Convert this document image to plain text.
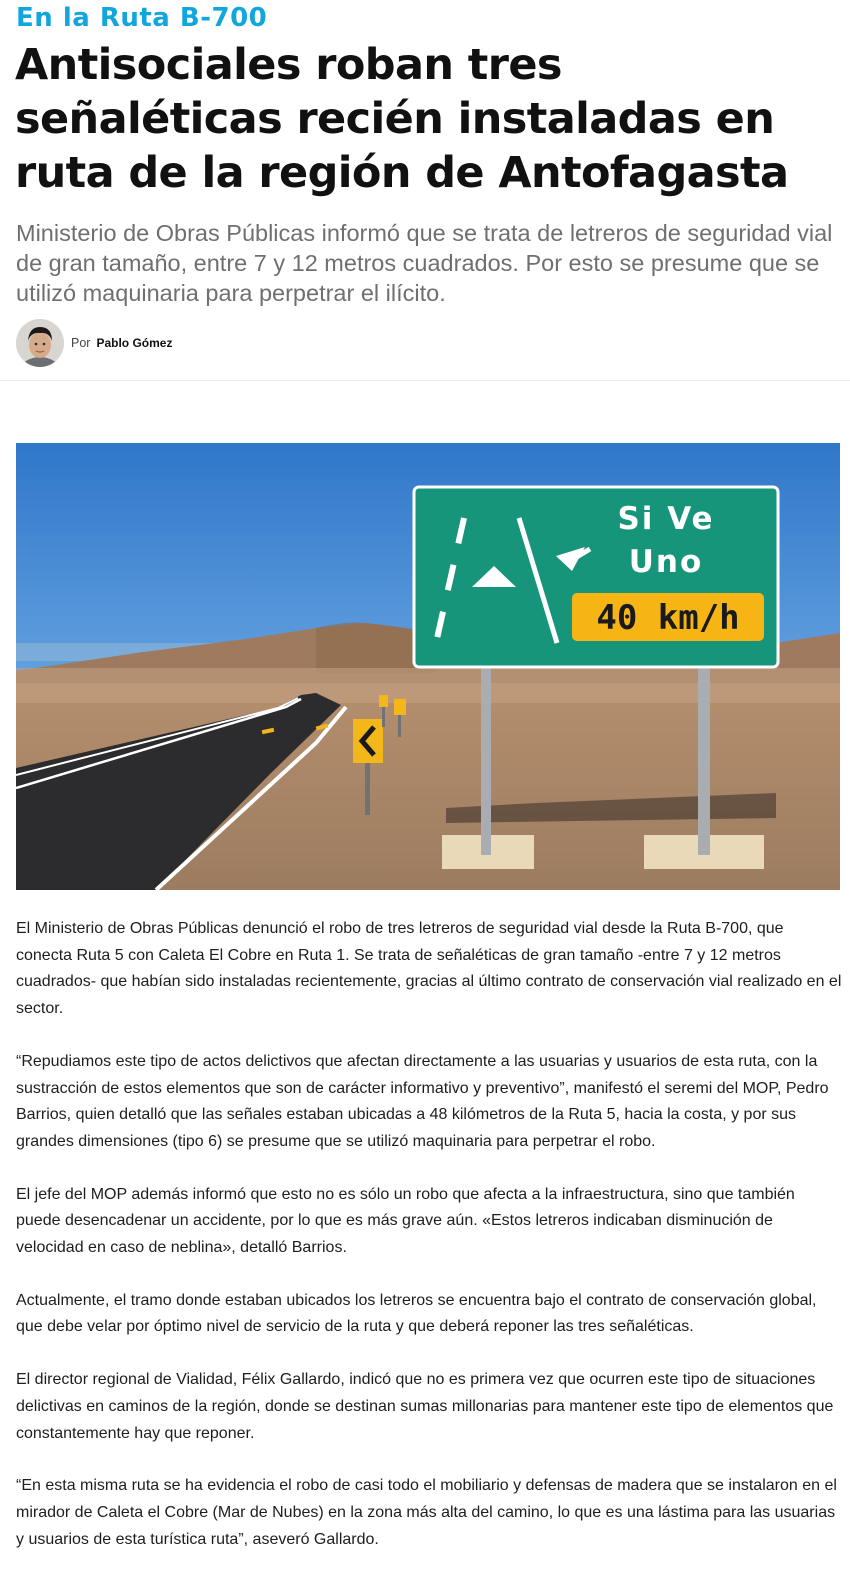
En la Ruta B-700
Antisociales roban tres señaléticas recién instaladas en ruta de la región de Antofagasta

Ministerio de Obras Públicas informó que se trata de letreros de seguridad vial de gran tamaño, entre 7 y 12 metros cuadrados. Por esto se presume que se utilizó maquinaria para perpetrar el ilícito.

Por Pablo Gómez
Si Ve
Uno
40 km/h

El Ministerio de Obras Públicas denunció el robo de tres letreros de seguridad vial desde la Ruta B-700, que conecta Ruta 5 con Caleta El Cobre en Ruta 1. Se trata de señaléticas de gran tamaño -entre 7 y 12 metros cuadrados- que habían sido instaladas recientemente, gracias al último contrato de conservación vial realizado en el sector.

“Repudiamos este tipo de actos delictivos que afectan directamente a las usuarias y usuarios de esta ruta, con la sustracción de estos elementos que son de carácter informativo y preventivo”, manifestó el seremi del MOP, Pedro Barrios, quien detalló que las señales estaban ubicadas a 48 kilómetros de la Ruta 5, hacia la costa, y por sus grandes dimensiones (tipo 6) se presume que se utilizó maquinaria para perpetrar el robo.

El jefe del MOP además informó que esto no es sólo un robo que afecta a la infraestructura, sino que también puede desencadenar un accidente, por lo que es más grave aún. «Estos letreros indicaban disminución de velocidad en caso de neblina», detalló Barrios.

Actualmente, el tramo donde estaban ubicados los letreros se encuentra bajo el contrato de conservación global, que debe velar por óptimo nivel de servicio de la ruta y que deberá reponer las tres señaléticas.

El director regional de Vialidad, Félix Gallardo, indicó que no es primera vez que ocurren este tipo de situaciones delictivas en caminos de la región, donde se destinan sumas millonarias para mantener este tipo de elementos que constantemente hay que reponer.

“En esta misma ruta se ha evidencia el robo de casi todo el mobiliario y defensas de madera que se instalaron en el mirador de Caleta el Cobre (Mar de Nubes) en la zona más alta del camino, lo que es una lástima para las usuarias y usuarios de esta turística ruta”, aseveró Gallardo.
